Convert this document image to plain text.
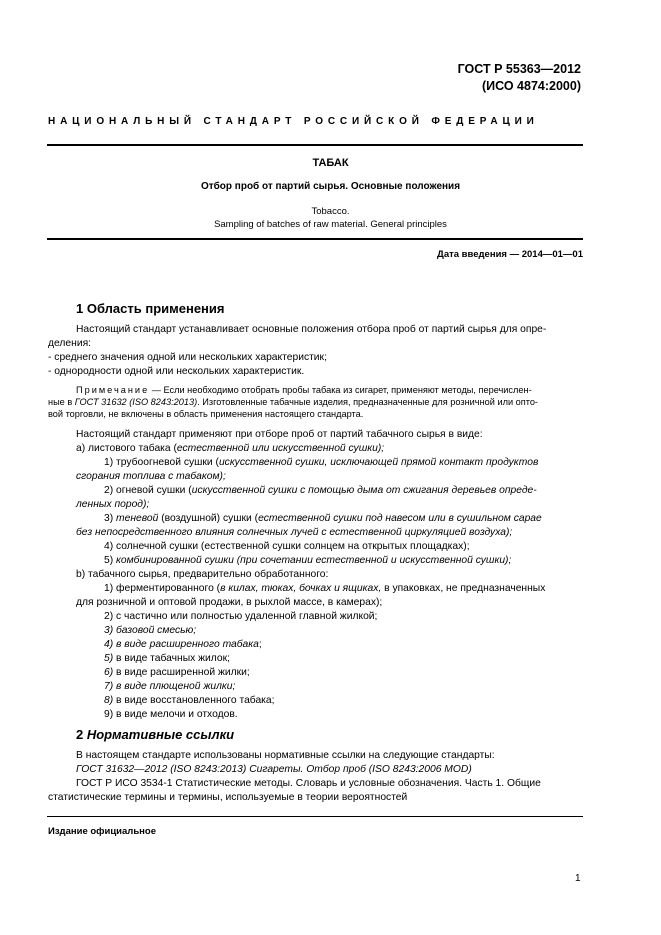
ГОСТ Р 55363—2012
(ИСО 4874:2000)
НАЦИОНАЛЬНЫЙ СТАНДАРТ РОССИЙСКОЙ ФЕДЕРАЦИИ
ТАБАК
Отбор проб от партий сырья. Основные положения
Tobacco.
Sampling of batches of raw material. General principles
Дата введения — 2014—01—01
1 Область применения
Настоящий стандарт устанавливает основные положения отбора проб от партий сырья для опре-
деления:
- среднего значения одной или нескольких характеристик;
- однородности одной или нескольких характеристик.
Примечание — Если необходимо отобрать пробы табака из сигарет, применяют методы, перечислен-
ные в ГОСТ 31632 (ISO 8243:2013). Изготовленные табачные изделия, предназначенные для розничной или опто-
вой торговли, не включены в область применения настоящего стандарта.
Настоящий стандарт применяют при отборе проб от партий табачного сырья в виде:
а) листового табака (естественной или искусственной сушки);
1) трубоогневой сушки (искусственной сушки, исключающей прямой контакт продуктов
сгорания топлива с табаком);
2) огневой сушки (искусственной сушки с помощью дыма от сжигания деревьев опреде-
ленных пород);
3) теневой (воздушной) сушки (естественной сушки под навесом или в сушильном сарае
без непосредственного влияния солнечных лучей с естественной циркуляцией воздуха);
4) солнечной сушки (естественной сушки солнцем на открытых площадках);
5) комбинированной сушки (при сочетании естественной и искусственной сушки);
b) табачного сырья, предварительно обработанного:
1) ферментированного (в килах, тюках, бочках и ящиках, в упаковках, не предназначенных
для розничной и оптовой продажи, в рыхлой массе, в камерах);
2) с частично или полностью удаленной главной жилкой;
3) базовой смесью;
4) в виде расширенного табака;
5) в виде табачных жилок;
6) в виде расширенной жилки;
7) в виде плющеной жилки;
8) в виде восстановленного табака;
9) в виде мелочи и отходов.
2 Нормативные ссылки
В настоящем стандарте использованы нормативные ссылки на следующие стандарты:
ГОСТ 31632—2012 (ISO 8243:2013) Сигареты. Отбор проб (ISO 8243:2006 MOD)
ГОСТ Р ИСО 3534-1 Статистические методы. Словарь и условные обозначения. Часть 1. Общие
статистические термины и термины, используемые в теории вероятностей
Издание официальное
1
